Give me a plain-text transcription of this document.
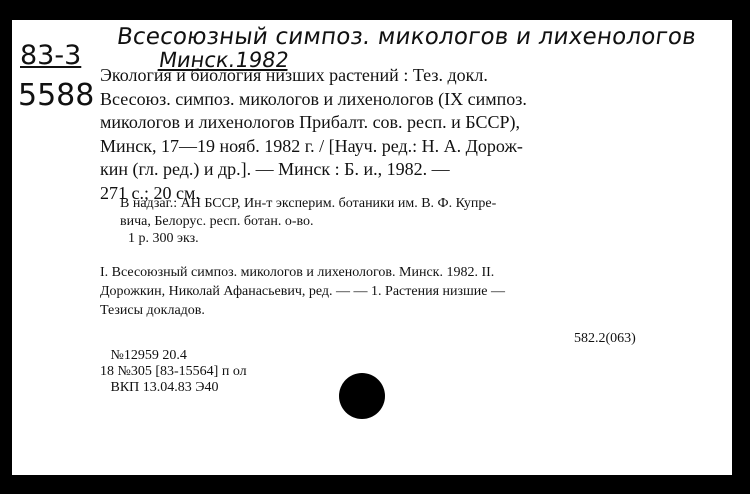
Всесоюзный симпоз. микологов и лихенологов
Минск.1982
83-3
5588
Экология и биология низших растений : Тез. докл.
Всесоюз. симпоз. микологов и лихенологов (IX симпоз.
микологов и лихенологов Прибалт. сов. респ. и БССР),
Минск, 17—19 нояб. 1982 г. / [Науч. ред.: Н. А. Дорож-
кин (гл. ред.) и др.]. — Минск : Б. и., 1982. —
271 с.; 20 см.
В надзаг.: АН БССР, Ин-т эксперим. ботаники им. В. Ф. Купре-
вича, Белорус. респ. ботан. о-во.
1 р. 300 экз.
I. Всесоюзный симпоз. микологов и лихенологов. Минск. 1982. II.
Дорожкин, Николай Афанасьевич, ред. — — 1. Растения низшие —
Тезисы докладов.
582.2(063)
№12959 20.4
18 №305 [83-15564] п ол
ВКП 13.04.83 Э40
